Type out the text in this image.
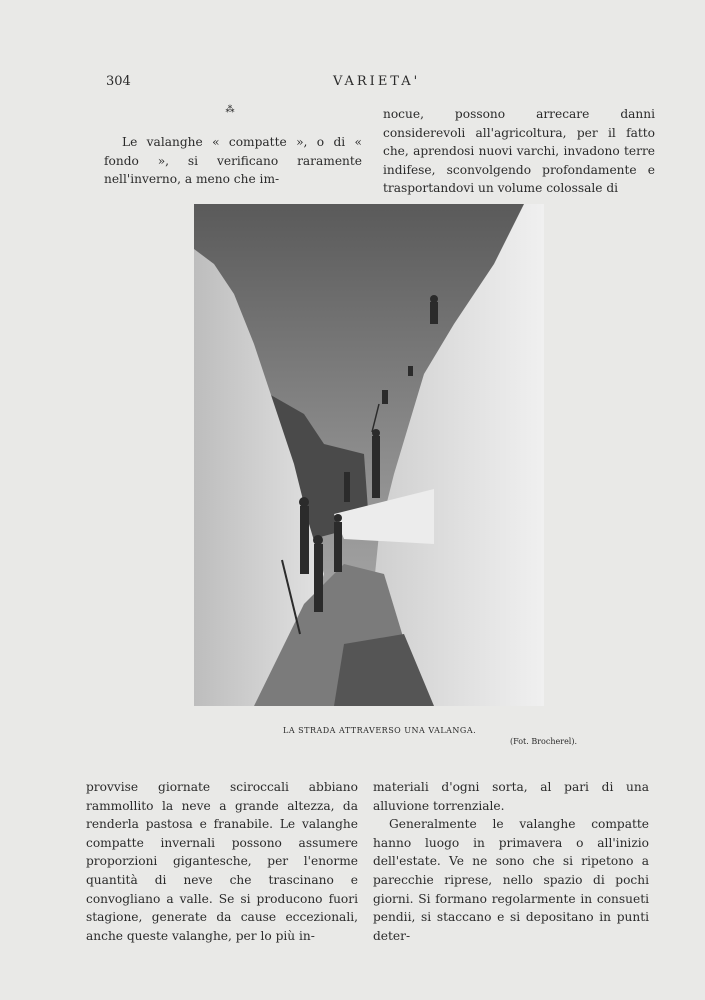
304	VARIETA'
⁂

Le valanghe « compatte », o di « fondo », si verificano raramente nell'inverno, a meno che im-

nocue, possono arrecare danni considerevoli all'agricoltura, per il fatto che, aprendosi nuovi varchi, invadono terre indifese, sconvolgendo profondamente e trasportandovi un volume colossale di

LA STRADA ATTRAVERSO UNA VALANGA.
(Fot. Brocherel).

provvise giornate sciroccali abbiano rammollito la neve a grande altezza, da renderla pastosa e franabile. Le valanghe compatte invernali possono assumere proporzioni gigantesche, per l'enorme quantità di neve che trascinano e convogliano a valle. Se si producono fuori stagione, generate da cause eccezionali, anche queste valanghe, per lo più in-

materiali d'ogni sorta, al pari di una alluvione torrenziale.

Generalmente le valanghe compatte hanno luogo in primavera o all'inizio dell'estate. Ve ne sono che si ripetono a parecchie riprese, nello spazio di pochi giorni. Si formano regolarmente in consueti pendii, si staccano e si depositano in punti deter-
